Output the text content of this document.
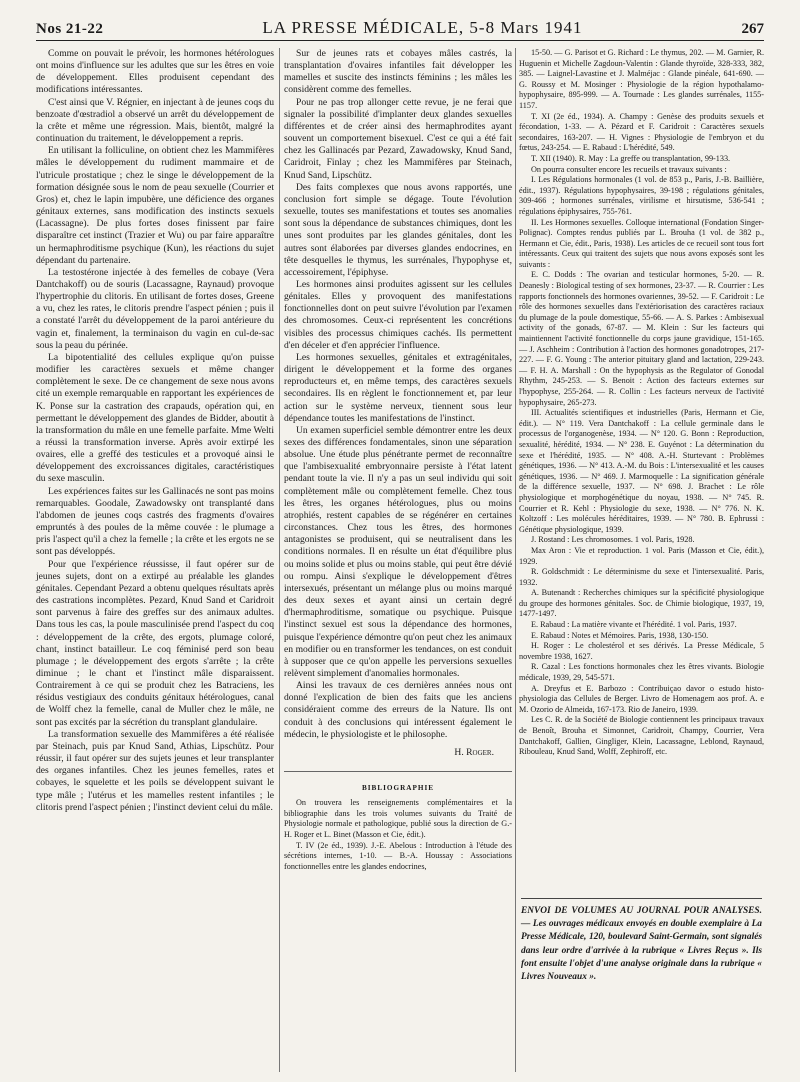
Nos 21-22	LA PRESSE MÉDICALE, 5-8 Mars 1941	267

Comme on pouvait le prévoir, les hormones hétérologues ont moins d'influence sur les adultes que sur les êtres en voie de développement. Elles produisent cependant des modifications intéressantes.

C'est ainsi que V. Régnier, en injectant à de jeunes coqs du benzoate d'œstradiol a observé un arrêt du développement de la crête et même une régression. Mais, bientôt, malgré la continuation du traitement, le développement a repris.

En utilisant la folliculine, on obtient chez les Mammifères mâles le développement du rudiment mammaire et de l'utricule prostatique ; chez le singe le développement de la formation désignée sous le nom de peau sexuelle (Courrier et Gros) et, chez le lapin impubère, une déficience des organes génitaux externes, sans modification des instincts sexuels (Lacassagne). De plus fortes doses finissent par faire disparaître cet instinct (Trazier et Wu) ou par faire apparaître un hermaphroditisme psychique (Kun), les réactions du sujet dépendant du partenaire.

La testostérone injectée à des femelles de cobaye (Vera Dantchakoff) ou de souris (Lacassagne, Raynaud) provoque l'hypertrophie du clitoris. En utilisant de fortes doses, Greene a vu, chez les rates, le clitoris prendre l'aspect pénien ; puis il a constaté l'arrêt du développement de la paroi antérieure du vagin et, finalement, la terminaison du vagin en cul-de-sac sous la peau du périnée.

La bipotentialité des cellules explique qu'on puisse modifier les caractères sexuels et même changer complètement le sexe. De ce changement de sexe nous avons cité un exemple remarquable en rapportant les expériences de K. Ponse sur la castration des crapauds, opération qui, en permettant le développement des glandes de Bidder, aboutit à la transformation du mâle en une femelle parfaite. Mme Welti a réussi la transformation inverse. Après avoir extirpé les ovaires, elle a greffé des testicules et a provoqué ainsi le développement des excroissances digitales, caractéristiques du sexe masculin.

Les expériences faites sur les Gallinacés ne sont pas moins remarquables. Goodale, Zawadowsky ont transplanté dans l'abdomen de jeunes coqs castrés des fragments d'ovaires empruntés à des poules de la même couvée : le plumage a pris l'aspect qu'il a chez la femelle ; la crête et les ergots ne se sont pas développés.

Pour que l'expérience réussisse, il faut opérer sur de jeunes sujets, dont on a extirpé au préalable les glandes génitales. Cependant Pezard a obtenu quelques résultats après des castrations incomplètes. Pezard, Knud Sand et Caridroit sont parvenus à faire des greffes sur des animaux adultes. Dans tous les cas, la poule masculinisée prend l'aspect du coq : développement de la crête, des ergots, plumage coloré, chant, instinct batailleur. Le coq féminisé perd son beau plumage ; le développement des ergots s'arrête ; la crête diminue ; le chant et l'instinct mâle disparaissent. Contrairement à ce qui se produit chez les Batraciens, les résidus vestigiaux des conduits génitaux hétérologues, canal de Wolff chez la femelle, canal de Muller chez le mâle, ne sont pas excités par la sécrétion du transplant glandulaire.

La transformation sexuelle des Mammifères a été réalisée par Steinach, puis par Knud Sand, Athias, Lipschütz. Pour réussir, il faut opérer sur des sujets jeunes et leur transplanter des organes infantiles. Chez les jeunes femelles, rates et cobayes, le squelette et les poils se développent suivant le type mâle ; l'utérus et les mamelles restent infantiles ; le clitoris prend l'aspect pénien ; l'instinct devient celui du mâle.

Sur de jeunes rats et cobayes mâles castrés, la transplantation d'ovaires infantiles fait développer les mamelles et suscite des instincts féminins ; les mâles les considèrent comme des femelles.

Pour ne pas trop allonger cette revue, je ne ferai que signaler la possibilité d'implanter deux glandes sexuelles différentes et de créer ainsi des hermaphrodites ayant souvent un comportement bisexuel. C'est ce qui a été fait chez les Gallinacés par Pezard, Zawadowsky, Knud Sand, Caridroit, Finlay ; chez les Mammifères par Steinach, Knud Sand, Lipschütz.

Des faits complexes que nous avons rapportés, une conclusion fort simple se dégage. Toute l'évolution sexuelle, toutes ses manifestations et toutes ses anomalies sont sous la dépendance de substances chimiques, dont les unes sont produites par les glandes génitales, dont les autres sont élaborées par diverses glandes endocrines, en tête desquelles le thymus, les surrénales, l'hypophyse et, accessoirement, l'épiphyse.

Les hormones ainsi produites agissent sur les cellules génitales. Elles y provoquent des manifestations fonctionnelles dont on peut suivre l'évolution par l'examen des chromosomes. Ceux-ci représentent les concrétions visibles des processus chimiques cachés. Ils permettent d'en déceler et d'en apprécier l'influence.

Les hormones sexuelles, génitales et extragénitales, dirigent le développement et la forme des organes reproducteurs et, en même temps, des caractères sexuels secondaires. Ils en règlent le fonctionnement et, par leur action sur le système nerveux, tiennent sous leur dépendance toutes les manifestations de l'instinct.

Un examen superficiel semble démontrer entre les deux sexes des différences fondamentales, sinon une séparation absolue. Une étude plus pénétrante permet de reconnaître que l'ambisexualité embryonnaire persiste à l'état latent pendant toute la vie. Il n'y a pas un seul individu qui soit complètement mâle ou complètement femelle. Chez tous les êtres, les organes hétérologues, plus ou moins atrophiés, restent capables de se régénérer en certaines circonstances. Chez tous les êtres, des hormones antagonistes se produisent, qui se neutralisent dans les conditions normales. Il en résulte un état d'équilibre plus ou moins solide et plus ou moins stable, qui peut être dévié ou rompu. Ainsi s'explique le développement d'êtres intersexués, présentant un mélange plus ou moins marqué des deux sexes et ayant ainsi un certain degré d'hermaphroditisme, somatique ou psychique. Puisque l'instinct sexuel est sous la dépendance des hormones, puisque l'expérience démontre qu'on peut chez les animaux en modifier ou en transformer les tendances, on est conduit à supposer que ce qu'on appelle les perversions sexuelles relèvent simplement d'anomalies hormonales.

Ainsi les travaux de ces dernières années nous ont donné l'explication de bien des faits que les anciens considéraient comme des erreurs de la Nature. Ils ont conduit à des conclusions qui intéressent également le médecin, le physiologiste et le philosophe.

H. Roger.
BIBLIOGRAPHIE

On trouvera les renseignements complémentaires et la bibliographie dans les trois volumes suivants du Traité de Physiologie normale et pathologique, publié sous la direction de G.-H. Roger et L. Binet (Masson et Cie, édit.).

T. IV (2e éd., 1939). J.-E. Abelous : Introduction à l'étude des sécrétions internes, 1-10. — B.-A. Houssay : Associations fonctionnelles entre les glandes endocrines,

15-50. — G. Parisot et G. Richard : Le thymus, 202. — M. Garnier, R. Huguenin et Michelle Zagdoun-Valentin : Glande thyroïde, 328-333, 382, 385. — Laignel-Lavastine et J. Malméjac : Glande pinéale, 641-690. — G. Roussy et M. Mosinger : Physiologie de la région hypothalamo-hypophysaire, 895-999. — A. Tournade : Les glandes surrénales, 1155-1157.

T. XI (2e éd., 1934). A. Champy : Genèse des produits sexuels et fécondation, 1-33. — A. Pézard et F. Caridroit : Caractères sexuels secondaires, 163-207. — H. Vignes : Physiologie de l'embryon et du fœtus, 243-254. — E. Rabaud : L'hérédité, 549.

T. XII (1940). R. May : La greffe ou transplantation, 99-133.

On pourra consulter encore les recueils et travaux suivants :

I. Les Régulations hormonales (1 vol. de 853 p., Paris, J.-B. Baillière, édit., 1937). Régulations hypophysaires, 39-198 ; régulations génitales, 309-466 ; hormones surrénales, virilisme et hirsutisme, 536-541 ; régulations épiphysaires, 755-761.

II. Les Hormones sexuelles. Colloque international (Fondation Singer-Polignac). Comptes rendus publiés par L. Brouha (1 vol. de 382 p., Hermann et Cie, édit., Paris, 1938). Les articles de ce recueil sont tous fort intéressants. Ceux qui traitent des sujets que nous avons exposés sont les suivants :

E. C. Dodds : The ovarian and testicular hormones, 5-20. — R. Deanesly : Biological testing of sex hormones, 23-37. — R. Courrier : Les rapports fonctionnels des hormones ovariennes, 39-52. — F. Caridroit : Le rôle des hormones sexuelles dans l'extériorisation des caractères raciaux du plumage de la poule domestique, 55-66. — A. S. Parkes : Ambisexual activity of the gonads, 67-87. — M. Klein : Sur les facteurs qui maintiennent l'activité fonctionnelle du corps jaune gravidique, 151-165. — J. Aschheim : Contribution à l'action des hormones gonadotropes, 217-227. — F. G. Young : The anterior pituitary gland and lactation, 229-243. — F. H. A. Marshall : On the hypophysis as the Regulator of Gonodal Rhythm, 245-253. — S. Benoit : Action des facteurs externes sur l'hypophyse, 255-264. — R. Collin : Les facteurs nerveux de l'activité hypophysaire, 265-273.

III. Actualités scientifiques et industrielles (Paris, Hermann et Cie, édit.). — N° 119. Vera Dantchakoff : La cellule germinale dans le processus de l'organogenèse, 1934. — N° 120. G. Bonn : Reproduction, sexualité, hérédité, 1934. — N° 238. E. Guyénot : La détermination du sexe et l'hérédité, 1935. — N° 408. A.-H. Sturtevant : Problèmes génétiques, 1936. — N° 413. A.-M. du Bois : L'intersexualité et les causes génétiques, 1936. — N° 469. J. Marmoquelle : La signification générale de la différence sexuelle, 1937. — N° 698. J. Brachet : Le rôle physiologique et morphogénétique du noyau, 1938. — N° 745. R. Courrier et R. Kehl : Physiologie du sexe, 1938. — N° 776. N. K. Koltzoff : Les molécules héréditaires, 1939. — N° 780. B. Ephrussi : Génétique physiologique, 1939.

J. Rostand : Les chromosomes. 1 vol. Paris, 1928.

Max Aron : Vie et reproduction. 1 vol. Paris (Masson et Cie, édit.), 1929.

R. Goldschmidt : Le déterminisme du sexe et l'intersexualité. Paris, 1932.

A. Butenandt : Recherches chimiques sur la spécificité physiologique du groupe des hormones génitales. Soc. de Chimie biologique, 1937, 19, 1477-1497.

E. Rabaud : La matière vivante et l'hérédité. 1 vol. Paris, 1937.

E. Rabaud : Notes et Mémoires. Paris, 1938, 130-150.

H. Roger : Le cholestérol et ses dérivés. La Presse Médicale, 5 novembre 1938, 1627.

R. Cazal : Les fonctions hormonales chez les êtres vivants. Biologie médicale, 1939, 29, 545-571.

A. Dreyfus et E. Barbozo : Contribuiçao davor o estudo histo-physiologia das Cellules de Berger. Livro de Homenagem aos prof. A. e M. Ozorio de Almeida, 167-173. Rio de Janeiro, 1939.

Les C. R. de la Société de Biologie contiennent les principaux travaux de Benoît, Brouha et Simonnet, Caridroit, Champy, Courrier, Vera Dantchakoff, Gallien, Gingliger, Klein, Lacassagne, Leblond, Raynaud, Ribouleau, Knud Sand, Wolff, Zephiroff, etc.

ENVOI DE VOLUMES AU JOURNAL POUR ANALYSES. — Les ouvrages médicaux envoyés en double exemplaire à La Presse Médicale, 120, boulevard Saint-Germain, sont signalés dans leur ordre d'arrivée à la rubrique « Livres Reçus ». Ils font ensuite l'objet d'une analyse originale dans la rubrique « Livres Nouveaux ».
